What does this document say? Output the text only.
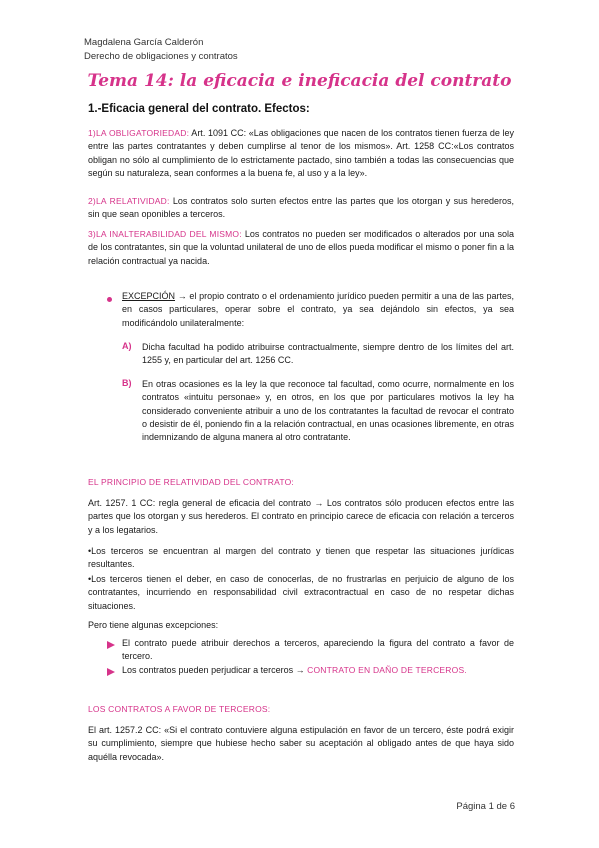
Magdalena García Calderón
Derecho de obligaciones y contratos
Tema 14: la eficacia e ineficacia del contrato
1.-Eficacia general del contrato. Efectos:
1)LA OBLIGATORIEDAD: Art. 1091 CC: «Las obligaciones que nacen de los contratos tienen fuerza de ley entre las partes contratantes y deben cumplirse al tenor de los mismos». Art. 1258 CC:«Los contratos obligan no sólo al cumplimiento de lo estrictamente pactado, sino también a todas las consecuencias que según su naturaleza, sean conformes a la buena fe, al uso y a la ley».
2)LA RELATIVIDAD: Los contratos solo surten efectos entre las partes que los otorgan y sus herederos, sin que sean oponibles a terceros.
3)LA INALTERABILIDAD DEL MISMO: Los contratos no pueden ser modificados o alterados por una sola de los contratantes, sin que la voluntad unilateral de uno de ellos pueda modificar el mismo o poner fin a la relación contractual ya nacida.
EXCEPCIÓN → el propio contrato o el ordenamiento jurídico pueden permitir a una de las partes, en casos particulares, operar sobre el contrato, ya sea dejándolo sin efectos, ya sea modificándolo unilateralmente:
A) Dicha facultad ha podido atribuirse contractualmente, siempre dentro de los límites del art. 1255 y, en particular del art. 1256 CC.
B) En otras ocasiones es la ley la que reconoce tal facultad, como ocurre, normalmente en los contratos «intuitu personae» y, en otros, en los que por particulares motivos la ley ha considerado conveniente atribuir a uno de los contratantes la facultad de revocar el contrato o desistir de él, poniendo fin a la relación contractual, en unas ocasiones libremente, en otras indemnizando de alguna manera al otro contratante.
EL PRINCIPIO DE RELATIVIDAD DEL CONTRATO:
Art. 1257. 1 CC: regla general de eficacia del contrato → Los contratos sólo producen efectos entre las partes que los otorgan y sus herederos. El contrato en principio carece de eficacia con relación a terceros y a los legatarios.
•Los terceros se encuentran al margen del contrato y tienen que respetar las situaciones jurídicas resultantes.
•Los terceros tienen el deber, en caso de conocerlas, de no frustrarlas en perjuicio de alguno de los contratantes, incurriendo en responsabilidad civil extracontractual en caso de no respetar dichas situaciones.
Pero tiene algunas excepciones:
El contrato puede atribuir derechos a terceros, apareciendo la figura del contrato a favor de tercero.
Los contratos pueden perjudicar a terceros → CONTRATO EN DAÑO DE TERCEROS.
LOS CONTRATOS A FAVOR DE TERCEROS:
El art. 1257.2 CC: «Si el contrato contuviere alguna estipulación en favor de un tercero, éste podrá exigir su cumplimiento, siempre que hubiese hecho saber su aceptación al obligado antes de que haya sido aquélla revocada».
Página 1 de 6
